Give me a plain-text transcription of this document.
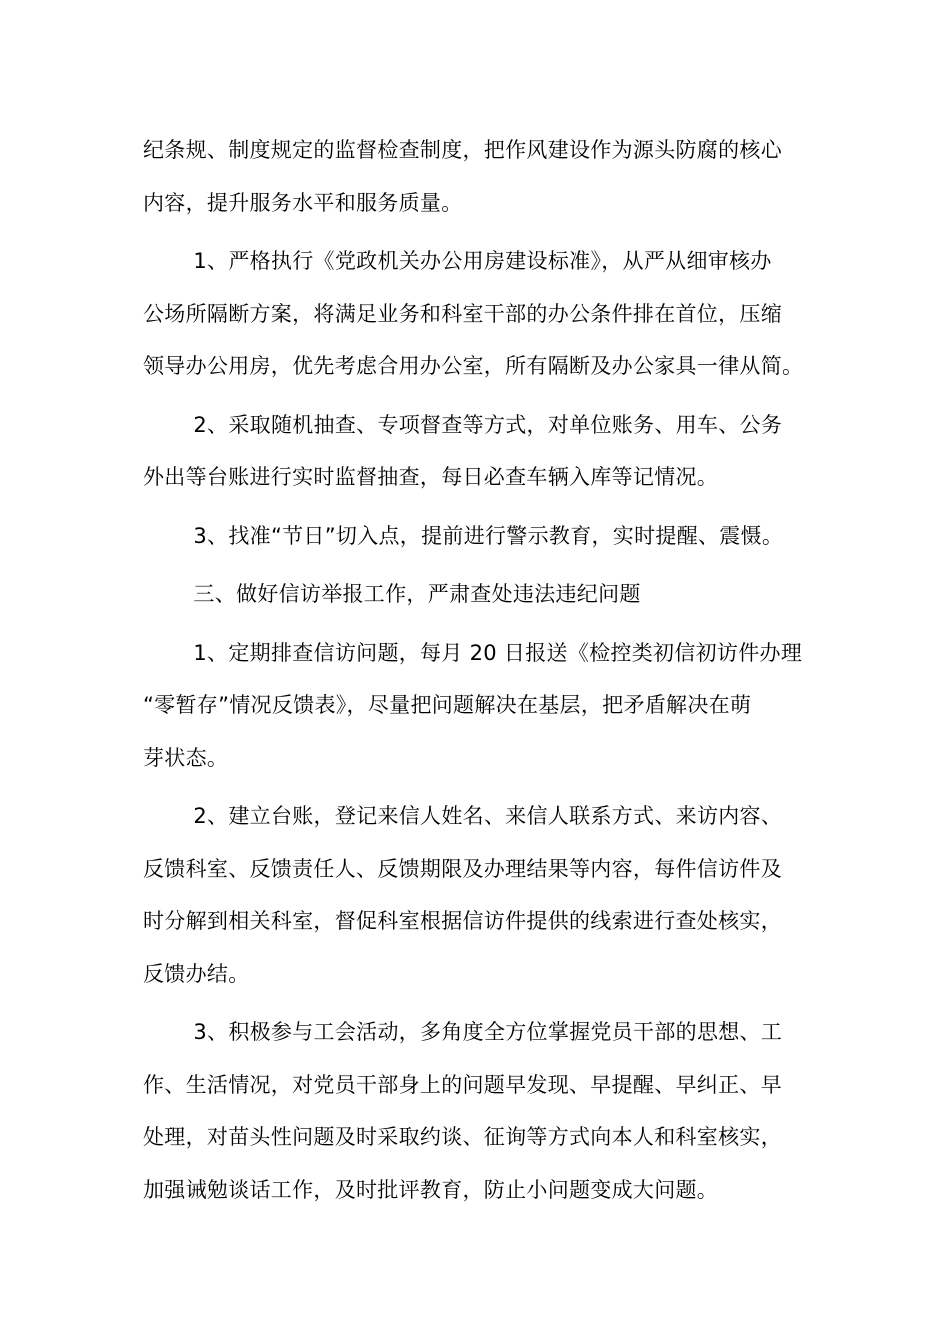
纪条规、制度规定的监督检查制度，把作风建设作为源头防腐的核心
内容，提升服务水平和服务质量。

1、严格执行《党政机关办公用房建设标准》，从严从细审核办
公场所隔断方案，将满足业务和科室干部的办公条件排在首位，压缩
领导办公用房，优先考虑合用办公室，所有隔断及办公家具一律从简。

2、采取随机抽查、专项督查等方式，对单位账务、用车、公务
外出等台账进行实时监督抽查，每日必查车辆入库等记情况。

3、找准“节日”切入点，提前进行警示教育，实时提醒、震慑。

三、做好信访举报工作，严肃查处违法违纪问题

1、定期排查信访问题，每月 20 日报送《检控类初信初访件办理
“零暂存”情况反馈表》，尽量把问题解决在基层，把矛盾解决在萌
芽状态。

2、建立台账，登记来信人姓名、来信人联系方式、来访内容、
反馈科室、反馈责任人、反馈期限及办理结果等内容，每件信访件及
时分解到相关科室，督促科室根据信访件提供的线索进行查处核实，
反馈办结。

3、积极参与工会活动，多角度全方位掌握党员干部的思想、工
作、生活情况，对党员干部身上的问题早发现、早提醒、早纠正、早
处理，对苗头性问题及时采取约谈、征询等方式向本人和科室核实，
加强诫勉谈话工作，及时批评教育，防止小问题变成大问题。
